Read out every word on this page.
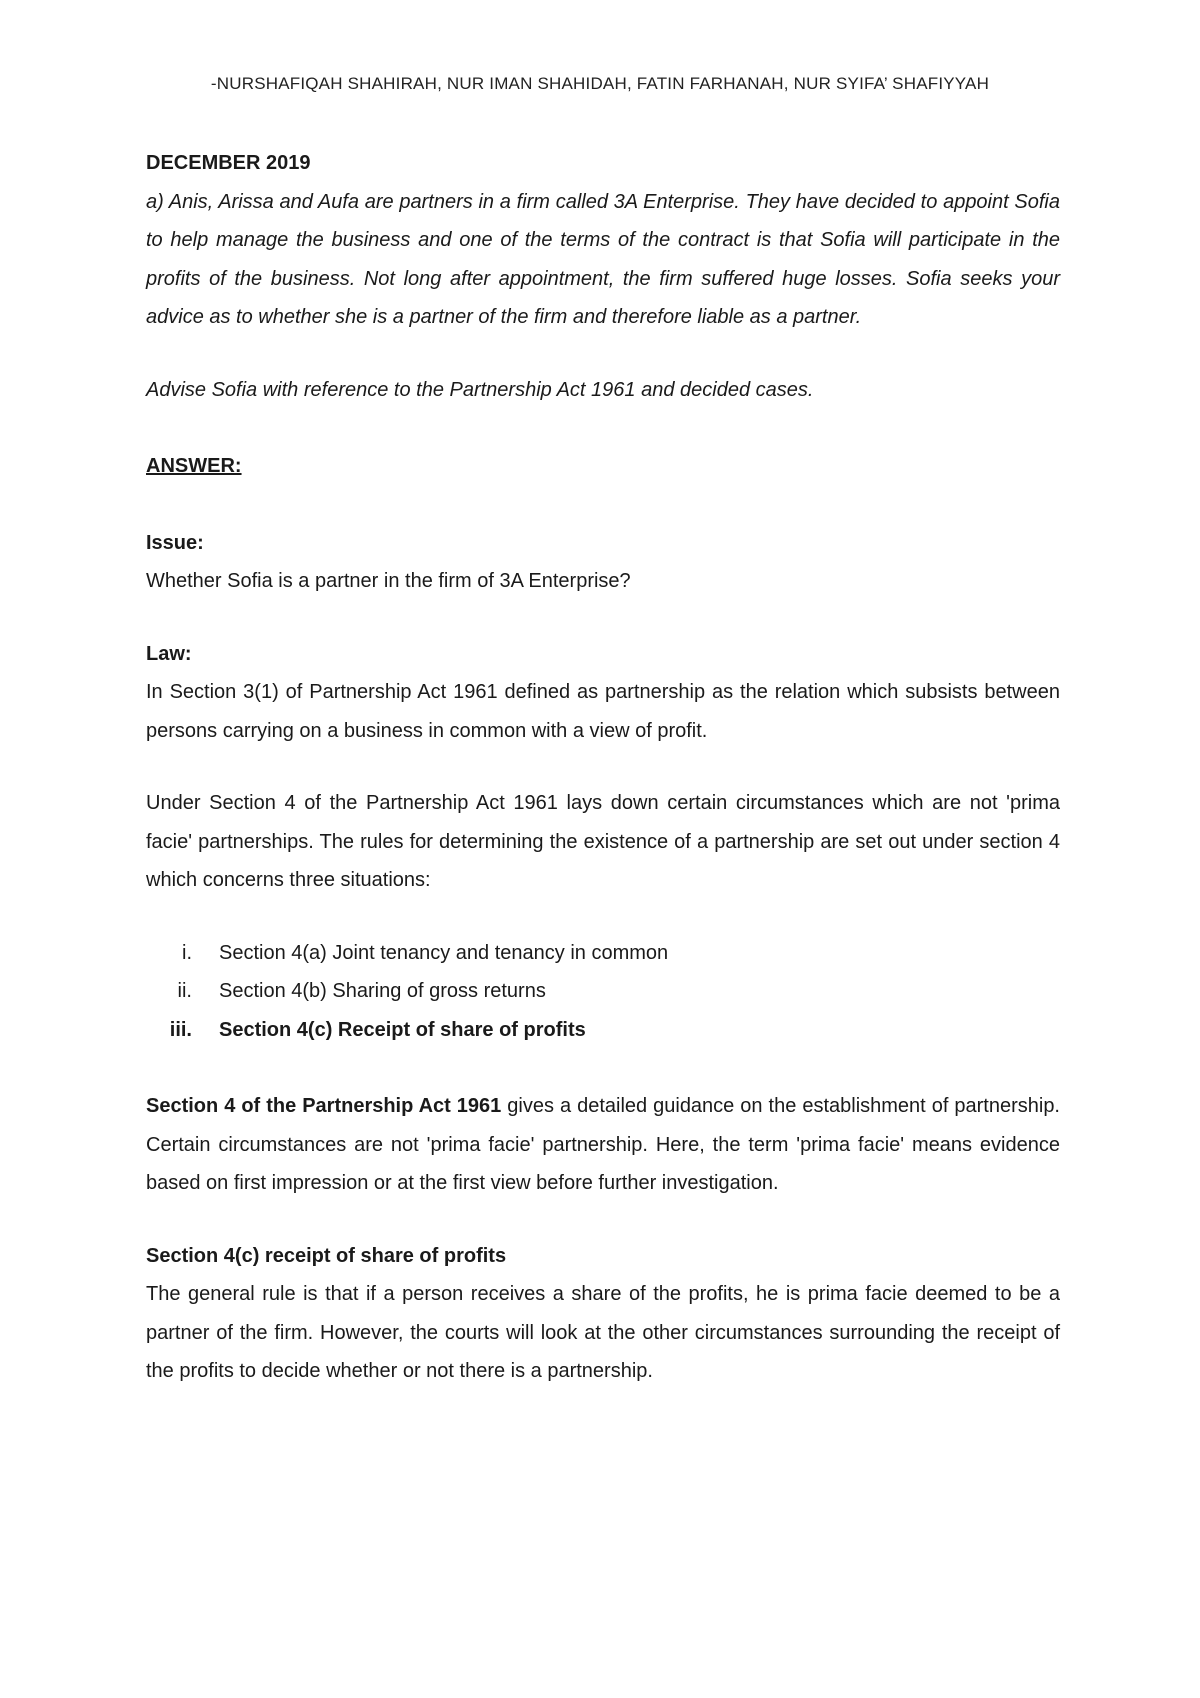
-NURSHAFIQAH SHAHIRAH, NUR IMAN SHAHIDAH, FATIN FARHANAH, NUR SYIFA’ SHAFIYYAH

DECEMBER 2019

a) Anis, Arissa and Aufa are partners in a firm called 3A Enterprise. They have decided to appoint Sofia to help manage the business and one of the terms of the contract is that Sofia will participate in the profits of the business. Not long after appointment, the firm suffered huge losses. Sofia seeks your advice as to whether she is a partner of the firm and therefore liable as a partner.

Advise Sofia with reference to the Partnership Act 1961 and decided cases.

ANSWER:

Issue:

Whether Sofia is a partner in the firm of 3A Enterprise?

Law:

In Section 3(1) of Partnership Act 1961 defined as partnership as the relation which subsists between persons carrying on a business in common with a view of profit.

Under Section 4 of the Partnership Act 1961 lays down certain circumstances which are not 'prima facie' partnerships. The rules for determining the existence of a partnership are set out under section 4 which concerns three situations:

i. Section 4(a) Joint tenancy and tenancy in common
ii. Section 4(b) Sharing of gross returns
iii. Section 4(c) Receipt of share of profits

Section 4 of the Partnership Act 1961 gives a detailed guidance on the establishment of partnership. Certain circumstances are not 'prima facie' partnership. Here, the term 'prima facie' means evidence based on first impression or at the first view before further investigation.

Section 4(c) receipt of share of profits

The general rule is that if a person receives a share of the profits, he is prima facie deemed to be a partner of the firm. However, the courts will look at the other circumstances surrounding the receipt of the profits to decide whether or not there is a partnership.
